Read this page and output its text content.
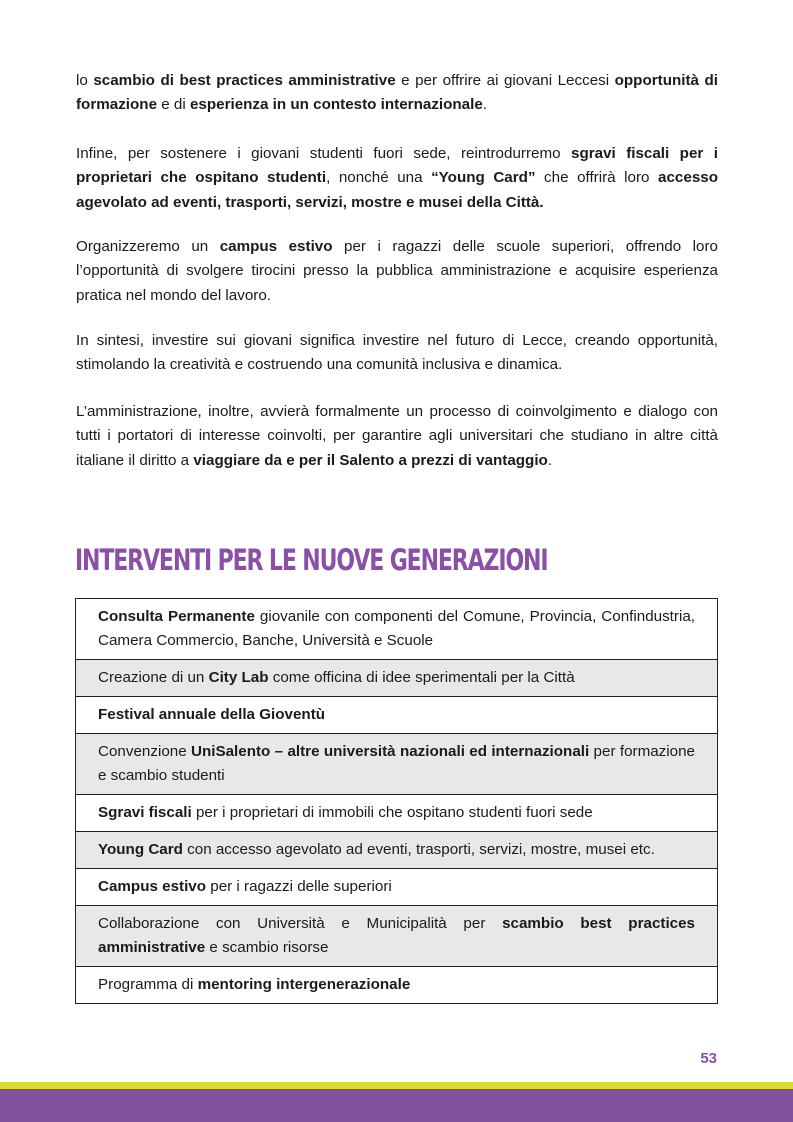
lo scambio di best practices amministrative e per offrire ai giovani Leccesi opportunità di formazione e di esperienza in un contesto internazionale.
Infine, per sostenere i giovani studenti fuori sede, reintrodurremo sgravi fiscali per i proprietari che ospitano studenti, nonché una “Young Card” che offrirà loro accesso agevolato ad eventi, trasporti, servizi, mostre e musei della Città.
Organizzeremo un campus estivo per i ragazzi delle scuole superiori, offrendo loro l’opportunità di svolgere tirocini presso la pubblica amministrazione e acquisire esperienza pratica nel mondo del lavoro.
In sintesi, investire sui giovani significa investire nel futuro di Lecce, creando opportunità, stimolando la creatività e costruendo una comunità inclusiva e dinamica.
L’amministrazione, inoltre, avvierà formalmente un processo di coinvolgimento e dialogo con tutti i portatori di interesse coinvolti, per garantire agli universitari che studiano in altre città italiane il diritto a viaggiare da e per il Salento a prezzi di vantaggio.
INTERVENTI PER LE NUOVE GENERAZIONI
Consulta Permanente giovanile con componenti del Comune, Provincia, Confindustria, Camera Commercio, Banche, Università e Scuole
Creazione di un City Lab come officina di idee sperimentali per la Città
Festival annuale della Gioventù
Convenzione UniSalento – altre università nazionali ed internazionali per formazione e scambio studenti
Sgravi fiscali per i proprietari di immobili che ospitano studenti fuori sede
Young Card con accesso agevolato ad eventi, trasporti, servizi, mostre, musei etc.
Campus estivo per i ragazzi delle superiori
Collaborazione con Università e Municipalità per scambio best practices amministrative e scambio risorse
Programma di mentoring intergenerazionale
53
